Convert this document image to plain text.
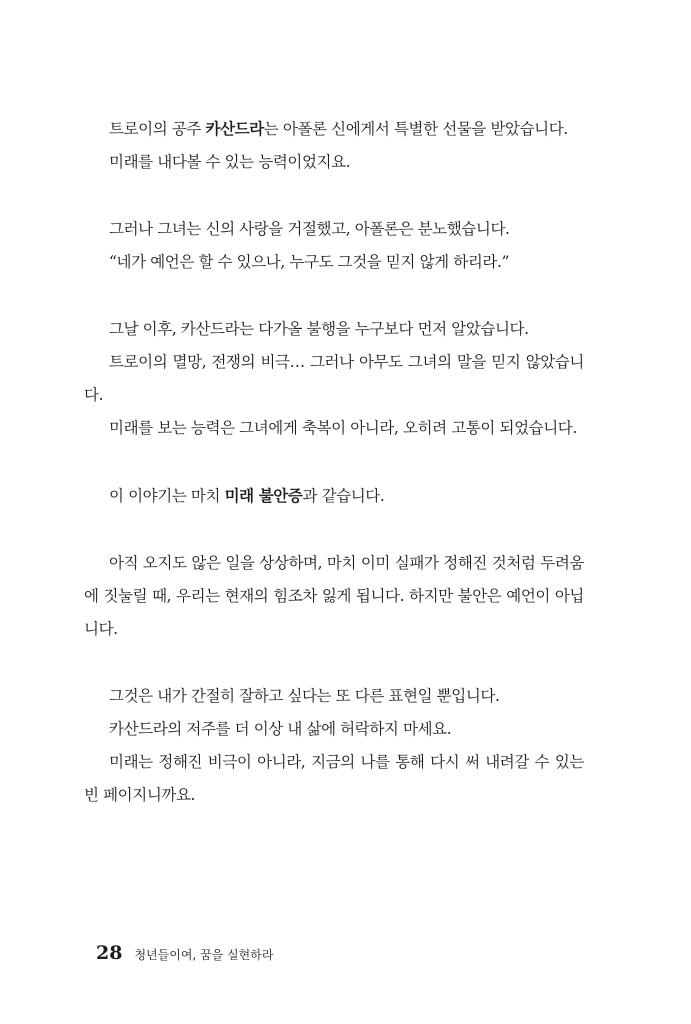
트로이의 공주 카산드라는 아폴론 신에게서 특별한 선물을 받았습니다.

미래를 내다볼 수 있는 능력이었지요.

그러나 그녀는 신의 사랑을 거절했고, 아폴론은 분노했습니다.

“네가 예언은 할 수 있으나, 누구도 그것을 믿지 않게 하리라.”

그날 이후, 카산드라는 다가올 불행을 누구보다 먼저 알았습니다.

트로이의 멸망, 전쟁의 비극… 그러나 아무도 그녀의 말을 믿지 않았습니다.

미래를 보는 능력은 그녀에게 축복이 아니라, 오히려 고통이 되었습니다.

이 이야기는 마치 미래 불안증과 같습니다.

아직 오지도 않은 일을 상상하며, 마치 이미 실패가 정해진 것처럼 두려움에 짓눌릴 때, 우리는 현재의 힘조차 잃게 됩니다. 하지만 불안은 예언이 아닙니다.

그것은 내가 간절히 잘하고 싶다는 또 다른 표현일 뿐입니다.

카산드라의 저주를 더 이상 내 삶에 허락하지 마세요.

미래는 정해진 비극이 아니라, 지금의 나를 통해 다시 써 내려갈 수 있는 빈 페이지니까요.

28 청년들이여, 꿈을 실현하라
